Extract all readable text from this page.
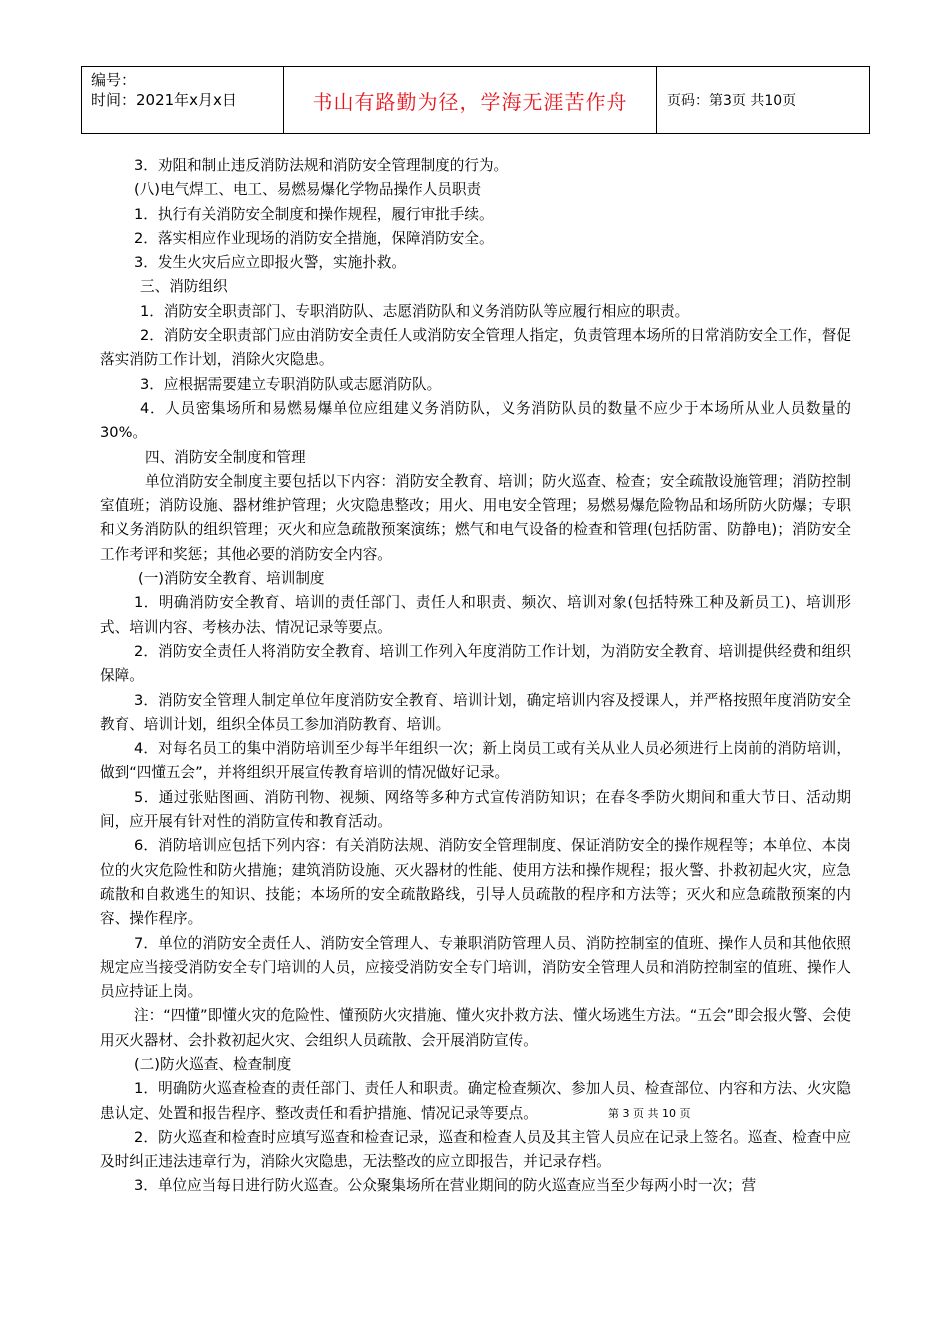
编号：
时间：2021年x月x日	书山有路勤为径，学海无涯苦作舟	页码：第3页 共10页

3．劝阻和制止违反消防法规和消防安全管理制度的行为。

(八)电气焊工、电工、易燃易爆化学物品操作人员职责

1．执行有关消防安全制度和操作规程，履行审批手续。

2．落实相应作业现场的消防安全措施，保障消防安全。

3．发生火灾后应立即报火警，实施扑救。

三、消防组织

1．消防安全职责部门、专职消防队、志愿消防队和义务消防队等应履行相应的职责。

2．消防安全职责部门应由消防安全责任人或消防安全管理人指定，负责管理本场所的日常消防安全工作，督促落实消防工作计划，消除火灾隐患。

3．应根据需要建立专职消防队或志愿消防队。

4．人员密集场所和易燃易爆单位应组建义务消防队，义务消防队员的数量不应少于本场所从业人员数量的30%。

四、消防安全制度和管理

单位消防安全制度主要包括以下内容：消防安全教育、培训；防火巡查、检查；安全疏散设施管理；消防控制室值班；消防设施、器材维护管理；火灾隐患整改；用火、用电安全管理；易燃易爆危险物品和场所防火防爆；专职和义务消防队的组织管理；灭火和应急疏散预案演练；燃气和电气设备的检查和管理(包括防雷、防静电)；消防安全工作考评和奖惩；其他必要的消防安全内容。

(一)消防安全教育、培训制度

1．明确消防安全教育、培训的责任部门、责任人和职责、频次、培训对象(包括特殊工种及新员工)、培训形式、培训内容、考核办法、情况记录等要点。

2．消防安全责任人将消防安全教育、培训工作列入年度消防工作计划，为消防安全教育、培训提供经费和组织保障。

3．消防安全管理人制定单位年度消防安全教育、培训计划，确定培训内容及授课人，并严格按照年度消防安全教育、培训计划，组织全体员工参加消防教育、培训。

4．对每名员工的集中消防培训至少每半年组织一次；新上岗员工或有关从业人员必须进行上岗前的消防培训，做到“四懂五会”，并将组织开展宣传教育培训的情况做好记录。

5．通过张贴图画、消防刊物、视频、网络等多种方式宣传消防知识；在春冬季防火期间和重大节日、活动期间，应开展有针对性的消防宣传和教育活动。

6．消防培训应包括下列内容：有关消防法规、消防安全管理制度、保证消防安全的操作规程等；本单位、本岗位的火灾危险性和防火措施；建筑消防设施、灭火器材的性能、使用方法和操作规程；报火警、扑救初起火灾，应急疏散和自救逃生的知识、技能；本场所的安全疏散路线，引导人员疏散的程序和方法等；灭火和应急疏散预案的内容、操作程序。

7．单位的消防安全责任人、消防安全管理人、专兼职消防管理人员、消防控制室的值班、操作人员和其他依照规定应当接受消防安全专门培训的人员，应接受消防安全专门培训，消防安全管理人员和消防控制室的值班、操作人员应持证上岗。

注：“四懂”即懂火灾的危险性、懂预防火灾措施、懂火灾扑救方法、懂火场逃生方法。“五会”即会报火警、会使用灭火器材、会扑救初起火灾、会组织人员疏散、会开展消防宣传。

(二)防火巡查、检查制度

1．明确防火巡查检查的责任部门、责任人和职责。确定检查频次、参加人员、检查部位、内容和方法、火灾隐患认定、处置和报告程序、整改责任和看护措施、情况记录等要点。

2．防火巡查和检查时应填写巡查和检查记录，巡查和检查人员及其主管人员应在记录上签名。巡查、检查中应及时纠正违法违章行为，消除火灾隐患，无法整改的应立即报告，并记录存档。

3．单位应当每日进行防火巡查。公众聚集场所在营业期间的防火巡查应当至少每两小时一次；营

第 3 页 共 10 页
